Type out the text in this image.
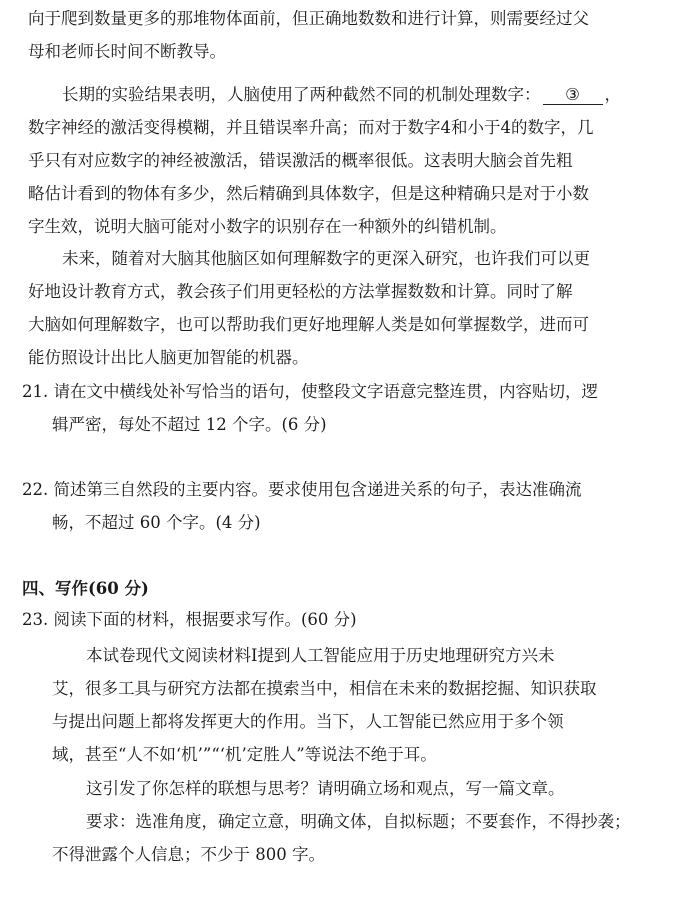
向于爬到数量更多的那堆物体面前，但正确地数数和进行计算，则需要经过父
母和老师长时间不断教导。
长期的实验结果表明，人脑使用了两种截然不同的机制处理数字： ③ ，
数字神经的激活变得模糊，并且错误率升高；而对于数字4和小于4的数字，几
乎只有对应数字的神经被激活，错误激活的概率很低。这表明大脑会首先粗
略估计看到的物体有多少，然后精确到具体数字，但是这种精确只是对于小数
字生效，说明大脑可能对小数字的识别存在一种额外的纠错机制。
未来，随着对大脑其他脑区如何理解数字的更深入研究，也许我们可以更
好地设计教育方式，教会孩子们用更轻松的方法掌握数数和计算。同时了解
大脑如何理解数字，也可以帮助我们更好地理解人类是如何掌握数学，进而可
能仿照设计出比人脑更加智能的机器。
21. 请在文中横线处补写恰当的语句，使整段文字语意完整连贯，内容贴切，逻
辑严密，每处不超过 12 个字。(6 分)
22. 简述第三自然段的主要内容。要求使用包含递进关系的句子，表达准确流
畅，不超过 60 个字。(4 分)
四、写作(60 分)
23. 阅读下面的材料，根据要求写作。(60 分)
本试卷现代文阅读材料Ⅰ提到人工智能应用于历史地理研究方兴未
艾，很多工具与研究方法都在摸索当中，相信在未来的数据挖掘、知识获取
与提出问题上都将发挥更大的作用。当下，人工智能已然应用于多个领
域，甚至“人不如‘机’”“‘机’定胜人”等说法不绝于耳。
这引发了你怎样的联想与思考？请明确立场和观点，写一篇文章。
要求：选准角度，确定立意，明确文体，自拟标题；不要套作，不得抄袭；
不得泄露个人信息；不少于 800 字。
